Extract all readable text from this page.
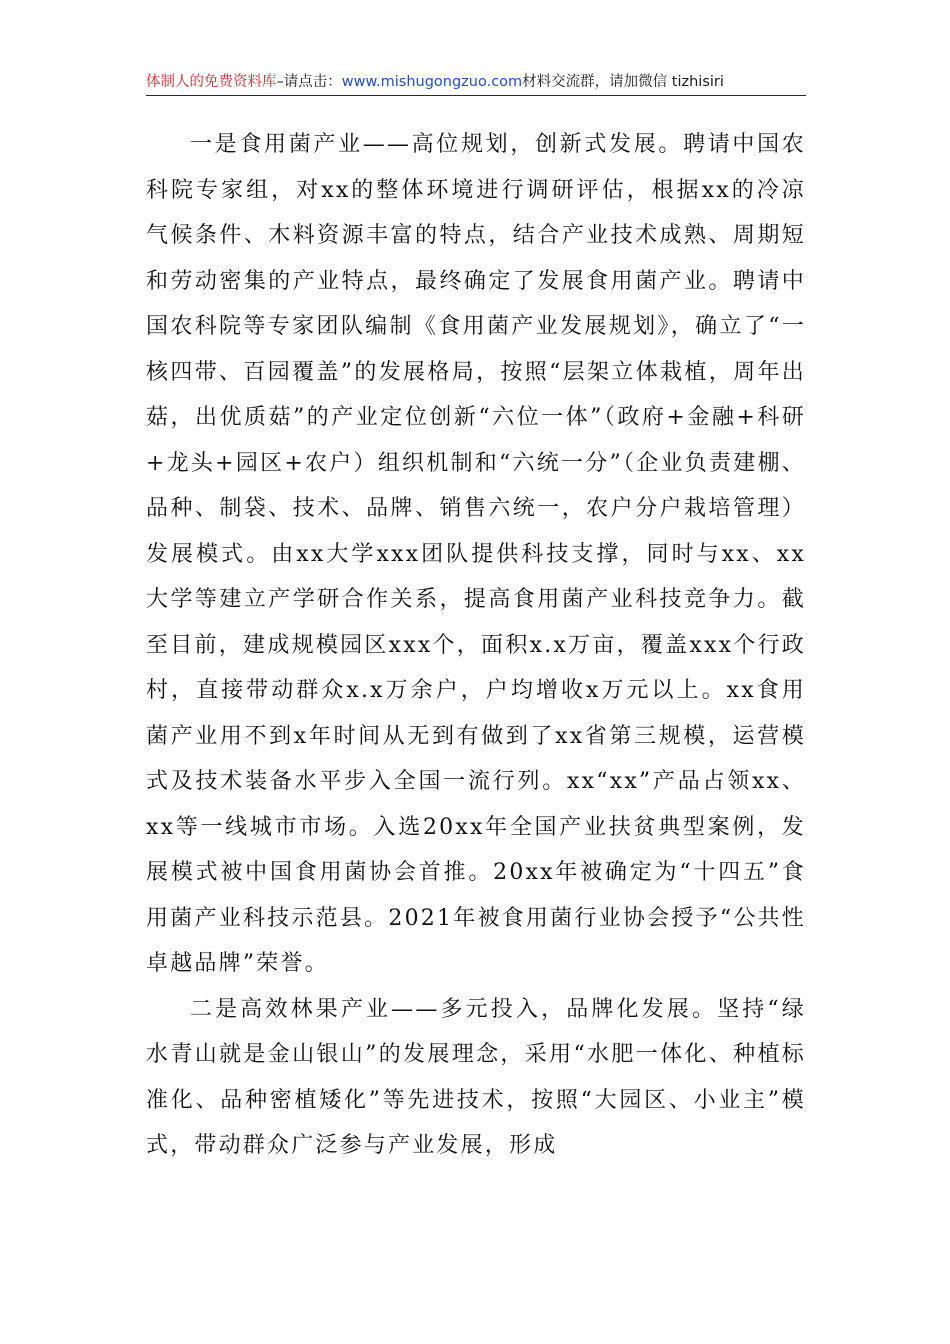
体制人的免费资料库–请点击：www.mishugongzuo.com材料交流群，请加微信 tizhisiri

一是食用菌产业——高位规划，创新式发展。聘请中国农科院专家组，对xx的整体环境进行调研评估，根据xx的冷凉气候条件、木料资源丰富的特点，结合产业技术成熟、周期短和劳动密集的产业特点，最终确定了发展食用菌产业。聘请中国农科院等专家团队编制《食用菌产业发展规划》，确立了“一核四带、百园覆盖”的发展格局，按照“层架立体栽植，周年出菇，出优质菇”的产业定位创新“六位一体”（政府+金融+科研+龙头+园区+农户）组织机制和“六统一分”（企业负责建棚、品种、制袋、技术、品牌、销售六统一，农户分户栽培管理）发展模式。由xx大学xxx团队提供科技支撑，同时与xx、xx大学等建立产学研合作关系，提高食用菌产业科技竞争力。截至目前，建成规模园区xxx个，面积x.x万亩，覆盖xxx个行政村，直接带动群众x.x万余户，户均增收x万元以上。xx食用菌产业用不到x年时间从无到有做到了xx省第三规模，运营模式及技术装备水平步入全国一流行列。xx“xx”产品占领xx、xx等一线城市市场。入选20xx年全国产业扶贫典型案例，发展模式被中国食用菌协会首推。20xx年被确定为“十四五”食用菌产业科技示范县。2021年被食用菌行业协会授予“公共性卓越品牌”荣誉。

二是高效林果产业——多元投入，品牌化发展。坚持“绿水青山就是金山银山”的发展理念，采用“水肥一体化、种植标准化、品种密植矮化”等先进技术，按照“大园区、小业主”模式，带动群众广泛参与产业发展，形成
